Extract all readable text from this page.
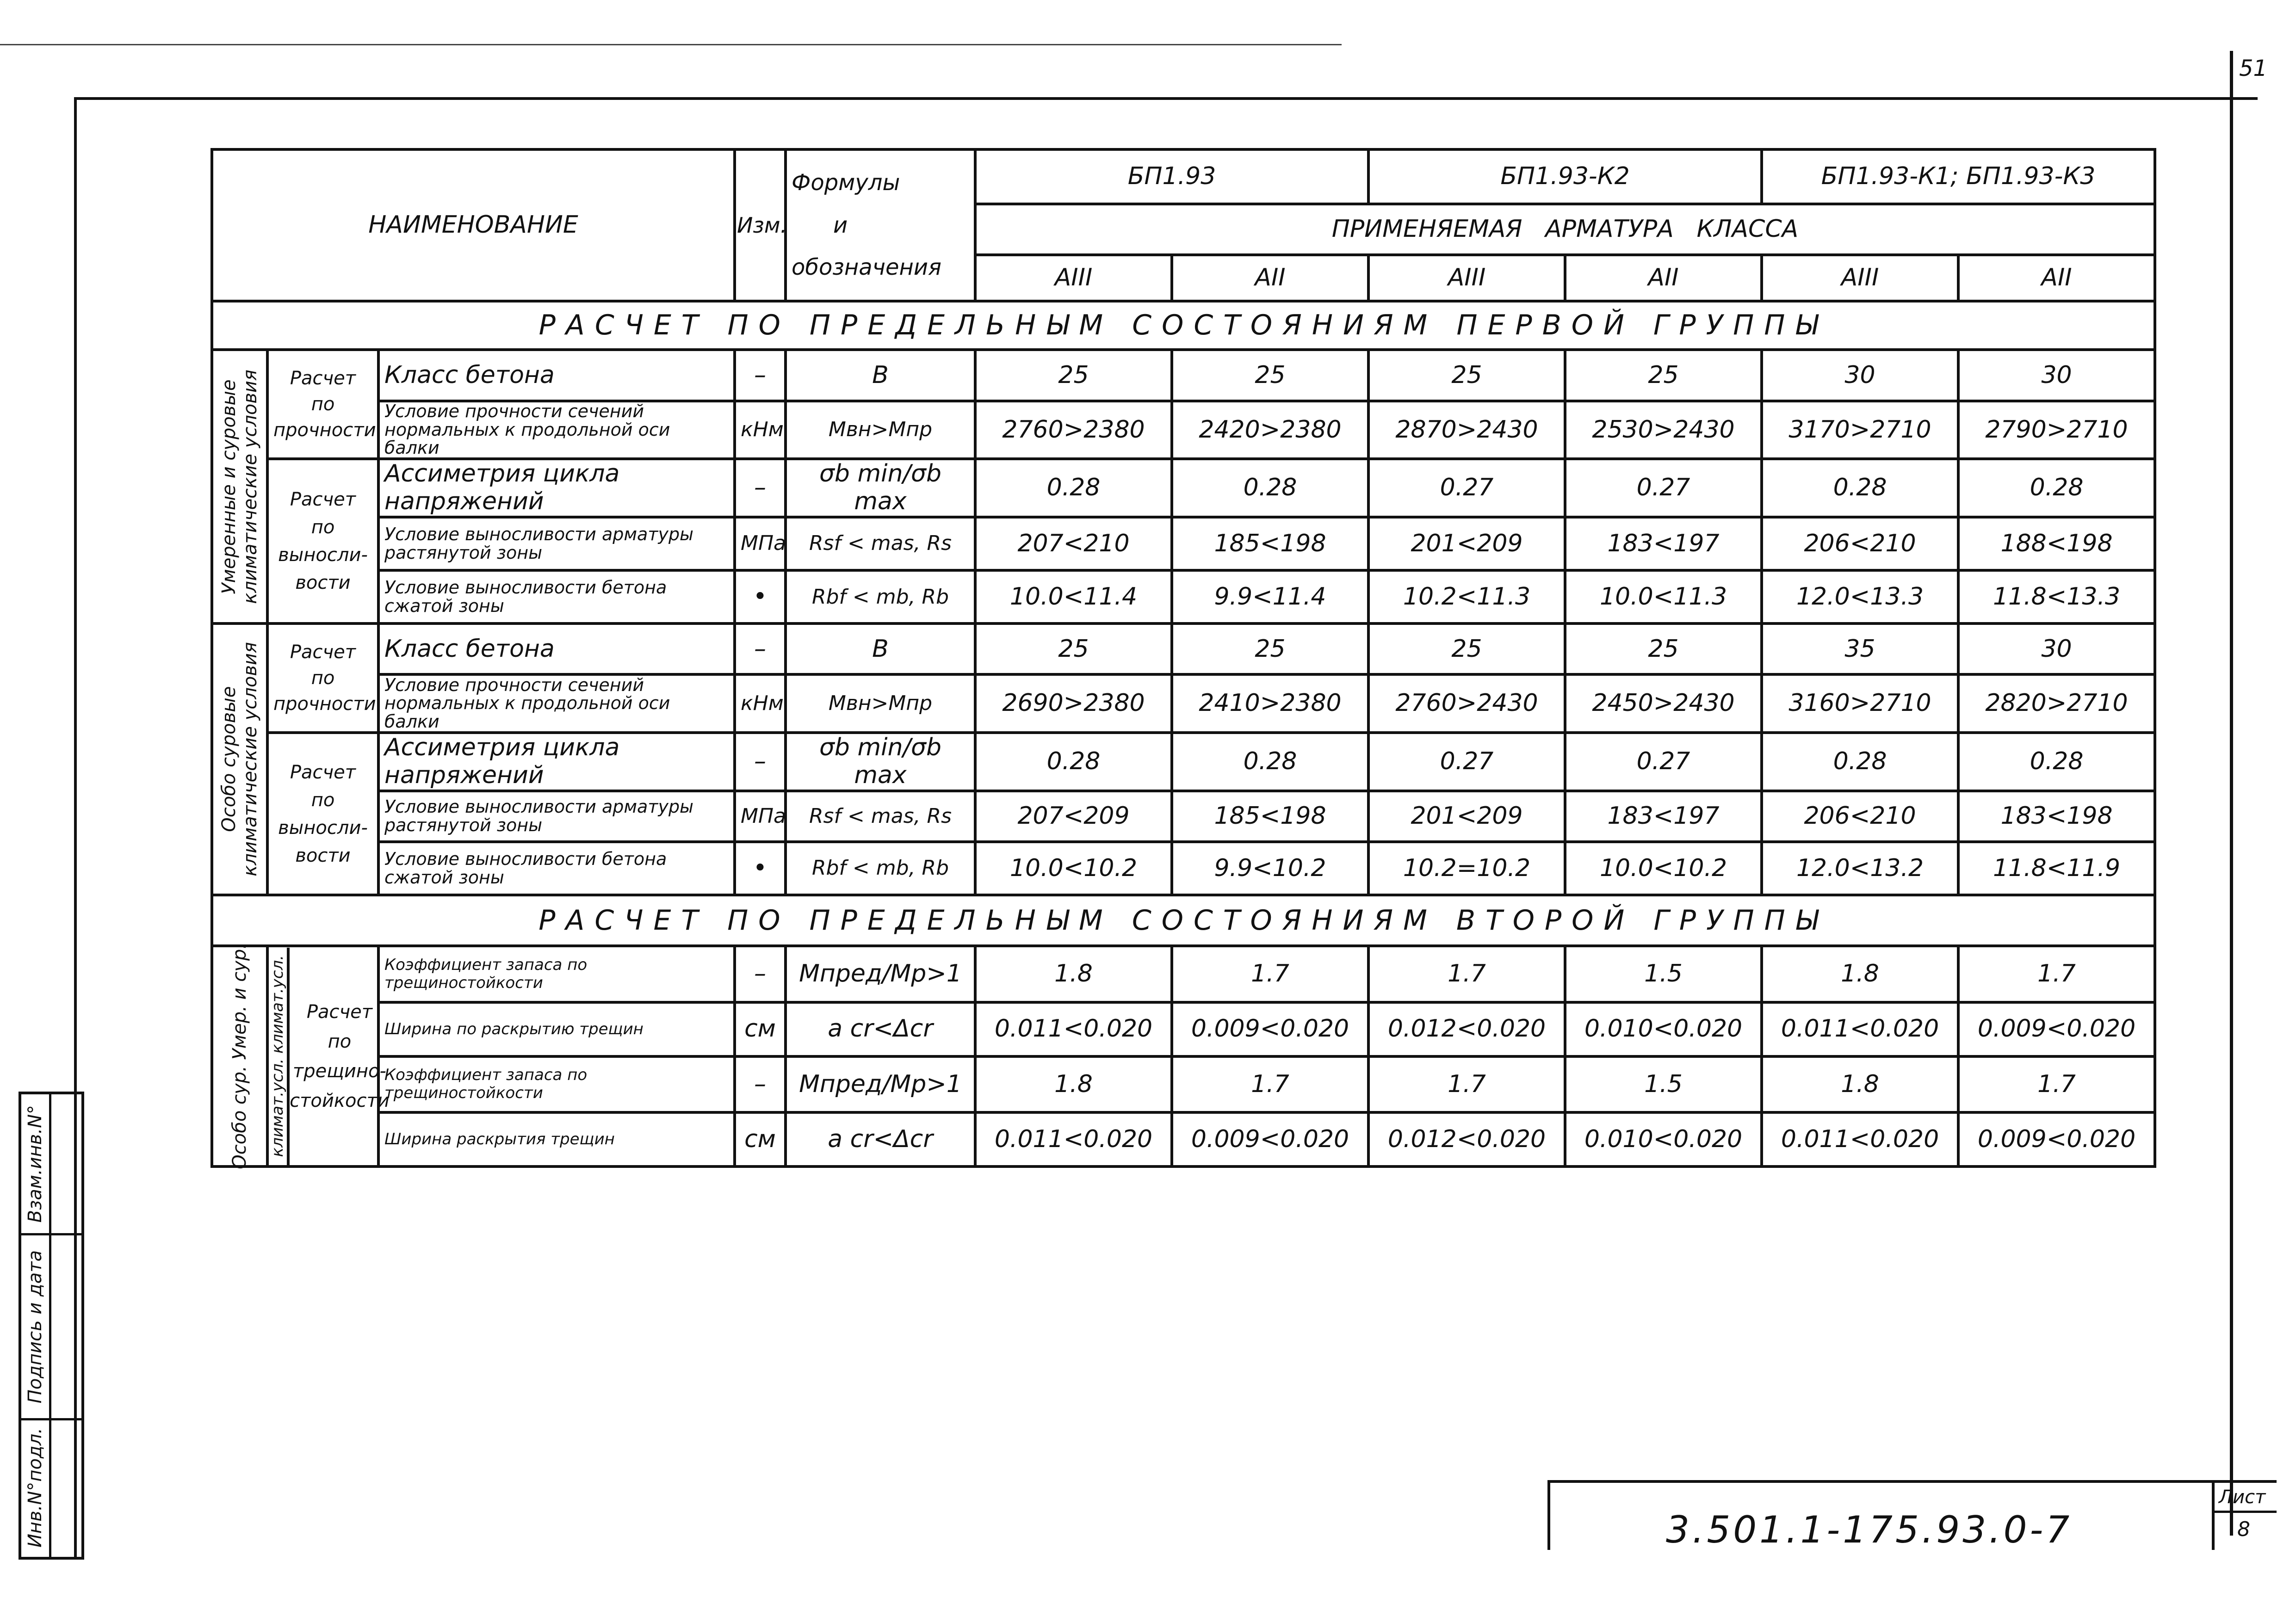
51
Инв.N°подл.
Подпись и дата
Взам.инв.N°
3.501.1-175.93.0-7
Лист
8
НАИМЕНОВАНИЕ			Изм.	Формулы
и
обозначения	БП1.93		БП1.93-К2		БП1.93-К1; БП1.93-К3	
					ПРИМЕНЯЕМАЯ   АРМАТУРА   КЛАССА					
					AIII	AII	AIII	AII	AIII	AII
РАСЧЕТ ПО ПРЕДЕЛЬНЫМ СОСТОЯНИЯМ ПЕРВОЙ ГРУППЫ										

Умеренные и суровые
климатические условия	Расчет
по
прочности	Класс бетона	–	B	25	25	25	25	30	30
		Условие прочности сечений нормальных к продольной оси балки	кНм	Mвн>Mпр	2760>2380	2420>2380	2870>2430	2530>2430	3170>2710	2790>2710
	Расчет
по
выносли-
вости	Ассиметрия цикла напряжений	–	σb min/σb max	0.28	0.28	0.27	0.27	0.28	0.28
		Условие выносливости арматуры растянутой зоны	МПа	Rsf < mas, Rs	207<210	185<198	201<209	183<197	206<210	188<198
		Условие выносливости бетона сжатой зоны	•	Rbf < mb, Rb	10.0<11.4	9.9<11.4	10.2<11.3	10.0<11.3	12.0<13.3	11.8<13.3

Особо суровые
климатические условия	Расчет
по
прочности	Класс бетона	–	B	25	25	25	25	35	30
		Условие прочности сечений нормальных к продольной оси балки	кНм	Mвн>Mпр	2690>2380	2410>2380	2760>2430	2450>2430	3160>2710	2820>2710
	Расчет
по
выносли-
вости	Ассиметрия цикла напряжений	–	σb min/σb max	0.28	0.28	0.27	0.27	0.28	0.28
		Условие выносливости арматуры растянутой зоны	МПа	Rsf < mas, Rs	207<209	185<198	201<209	183<197	206<210	183<198
		Условие выносливости бетона сжатой зоны	•	Rbf < mb, Rb	10.0<10.2	9.9<10.2	10.2=10.2	10.0<10.2	12.0<13.2	11.8<11.9
РАСЧЕТ ПО ПРЕДЕЛЬНЫМ СОСТОЯНИЯМ ВТОРОЙ ГРУППЫ										

Особо сур. Умер. и сур.	климат.усл. климат.усл. Расчет
по
трещино-
стойкости	Коэффициент запаса по трещиностойкости	–	Mпред/Mр>1	1.8	1.7	1.7	1.5	1.8	1.7
		Ширина по раскрытию трещин	см	a cr<Δcr	0.011<0.020	0.009<0.020	0.012<0.020	0.010<0.020	0.011<0.020	0.009<0.020
		Коэффициент запаса по трещиностойкости	–	Mпред/Mр>1	1.8	1.7	1.7	1.5	1.8	1.7
		Ширина раскрытия трещин	см	a cr<Δcr	0.011<0.020	0.009<0.020	0.012<0.020	0.010<0.020	0.011<0.020	0.009<0.020
